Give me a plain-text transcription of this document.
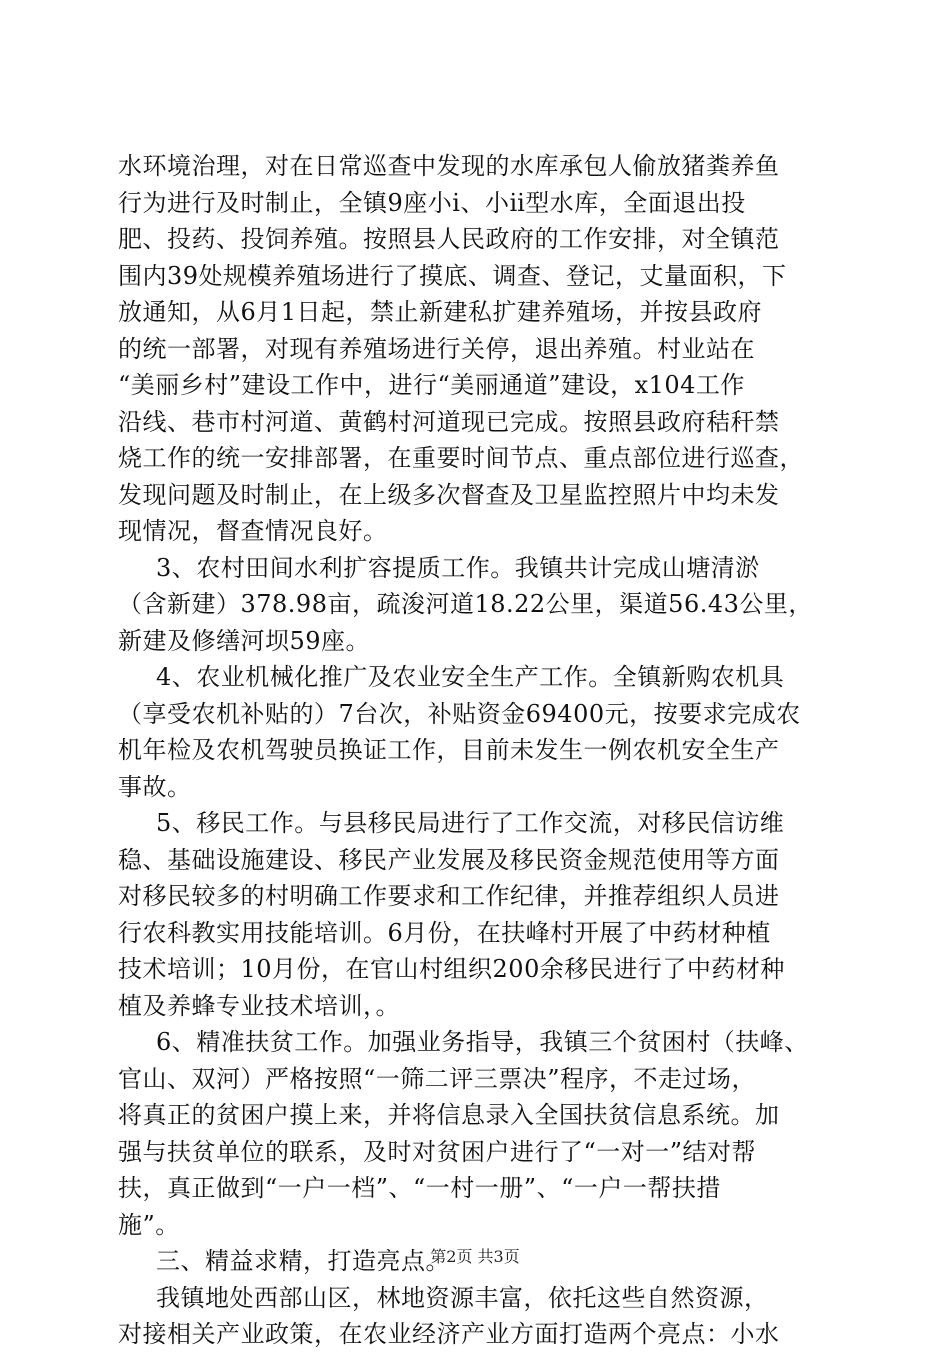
水环境治理，对在日常巡查中发现的水库承包人偷放猪粪养鱼
行为进行及时制止，全镇9座小ⅰ、小ⅱ型水库，全面退出投
肥、投药、投饲养殖。按照县人民政府的工作安排，对全镇范
围内39处规模养殖场进行了摸底、调查、登记，丈量面积，下
放通知，从6月1日起，禁止新建私扩建养殖场，并按县政府
的统一部署，对现有养殖场进行关停，退出养殖。村业站在
“美丽乡村”建设工作中，进行“美丽通道”建设，x104工作
沿线、巷市村河道、黄鹤村河道现已完成。按照县政府秸秆禁
烧工作的统一安排部署，在重要时间节点、重点部位进行巡查，
发现问题及时制止，在上级多次督查及卫星监控照片中均未发
现情况，督查情况良好。
3、农村田间水利扩容提质工作。我镇共计完成山塘清淤
（含新建）378.98亩，疏浚河道18.22公里，渠道56.43公里，
新建及修缮河坝59座。
4、农业机械化推广及农业安全生产工作。全镇新购农机具
（享受农机补贴的）7台次，补贴资金69400元，按要求完成农
机年检及农机驾驶员换证工作，目前未发生一例农机安全生产
事故。
5、移民工作。与县移民局进行了工作交流，对移民信访维
稳、基础设施建设、移民产业发展及移民资金规范使用等方面
对移民较多的村明确工作要求和工作纪律，并推荐组织人员进
行农科教实用技能培训。6月份，在扶峰村开展了中药材种植
技术培训；10月份，在官山村组织200余移民进行了中药材种
植及养蜂专业技术培训，。
6、精准扶贫工作。加强业务指导，我镇三个贫困村（扶峰、
官山、双河）严格按照“一筛二评三票决”程序，不走过场，
将真正的贫困户摸上来，并将信息录入全国扶贫信息系统。加
强与扶贫单位的联系，及时对贫困户进行了“一对一”结对帮
扶，真正做到“一户一档”、“一村一册”、“一户一帮扶措
施”。
三、精益求精，打造亮点。
我镇地处西部山区，林地资源丰富，依托这些自然资源，
对接相关产业政策，在农业经济产业方面打造两个亮点：小水
第2页 共3页
